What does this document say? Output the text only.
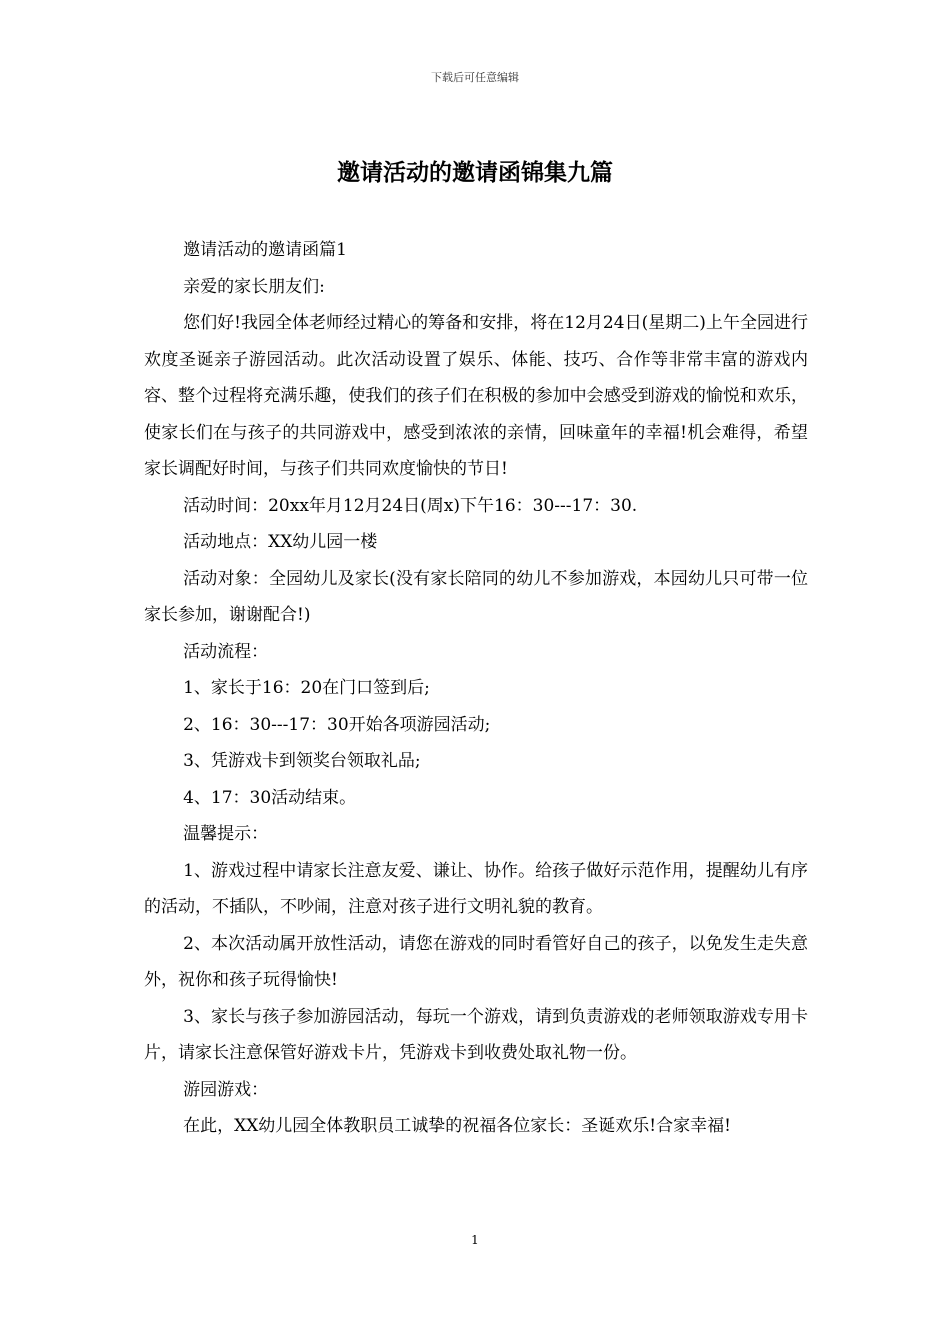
下载后可任意编辑
邀请活动的邀请函锦集九篇

邀请活动的邀请函篇1

亲爱的家长朋友们:

您们好!我园全体老师经过精心的筹备和安排，将在12月24日(星期二)上午全园进行欢度圣诞亲子游园活动。此次活动设置了娱乐、体能、技巧、合作等非常丰富的游戏内容、整个过程将充满乐趣，使我们的孩子们在积极的参加中会感受到游戏的愉悦和欢乐，使家长们在与孩子的共同游戏中，感受到浓浓的亲情，回味童年的幸福!机会难得，希望家长调配好时间，与孩子们共同欢度愉快的节日!

活动时间：20xx年月12月24日(周x)下午16：30---17：30.

活动地点：XX幼儿园一楼

活动对象：全园幼儿及家长(没有家长陪同的幼儿不参加游戏，本园幼儿只可带一位家长参加，谢谢配合!)

活动流程：

1、家长于16：20在门口签到后;

2、16：30---17：30开始各项游园活动;

3、凭游戏卡到领奖台领取礼品;

4、17：30活动结束。

温馨提示：

1、游戏过程中请家长注意友爱、谦让、协作。给孩子做好示范作用，提醒幼儿有序的活动，不插队，不吵闹，注意对孩子进行文明礼貌的教育。

2、本次活动属开放性活动，请您在游戏的同时看管好自己的孩子，以免发生走失意外，祝你和孩子玩得愉快!

3、家长与孩子参加游园活动，每玩一个游戏，请到负责游戏的老师领取游戏专用卡片，请家长注意保管好游戏卡片，凭游戏卡到收费处取礼物一份。

游园游戏：

在此，XX幼儿园全体教职员工诚挚的祝福各位家长：圣诞欢乐!合家幸福!

1
